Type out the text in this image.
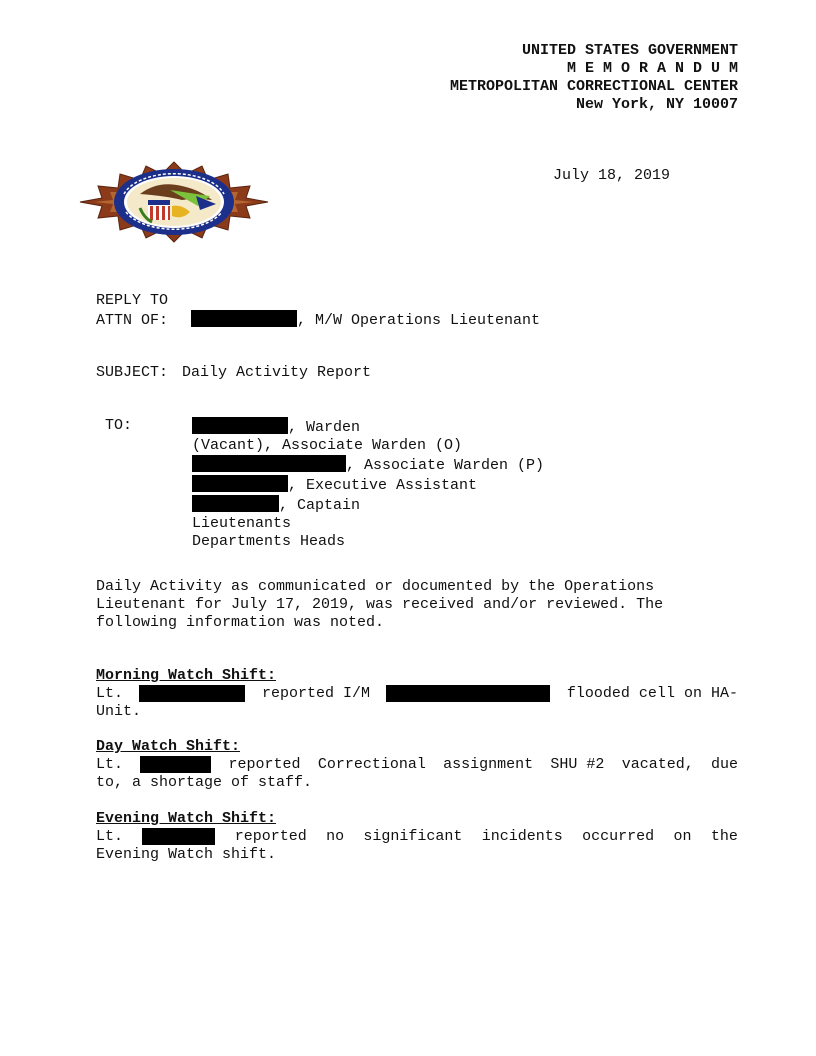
UNITED STATES GOVERNMENT
M E M O R A N D U M
METROPOLITAN CORRECTIONAL CENTER
New York, NY 10007
July 18, 2019
REPLY TO
ATTN OF:	, M/W Operations Lieutenant
SUBJECT: Daily Activity Report
TO:	, Warden
(Vacant), Associate Warden (O)
, Associate Warden (P)
, Executive Assistant
, Captain
Lieutenants
Departments Heads
Daily Activity as communicated or documented by the Operations
Lieutenant for July 17, 2019, was received and/or reviewed. The
following information was noted.
Morning Watch Shift:
Lt.	reported I/M	flooded cell on HA-
Unit.
Day Watch Shift:
Lt.	reported Correctional assignment SHU #2 vacated, due
to, a shortage of staff.
Evening Watch Shift:
Lt.	reported no significant incidents occurred on the
Evening Watch shift.
